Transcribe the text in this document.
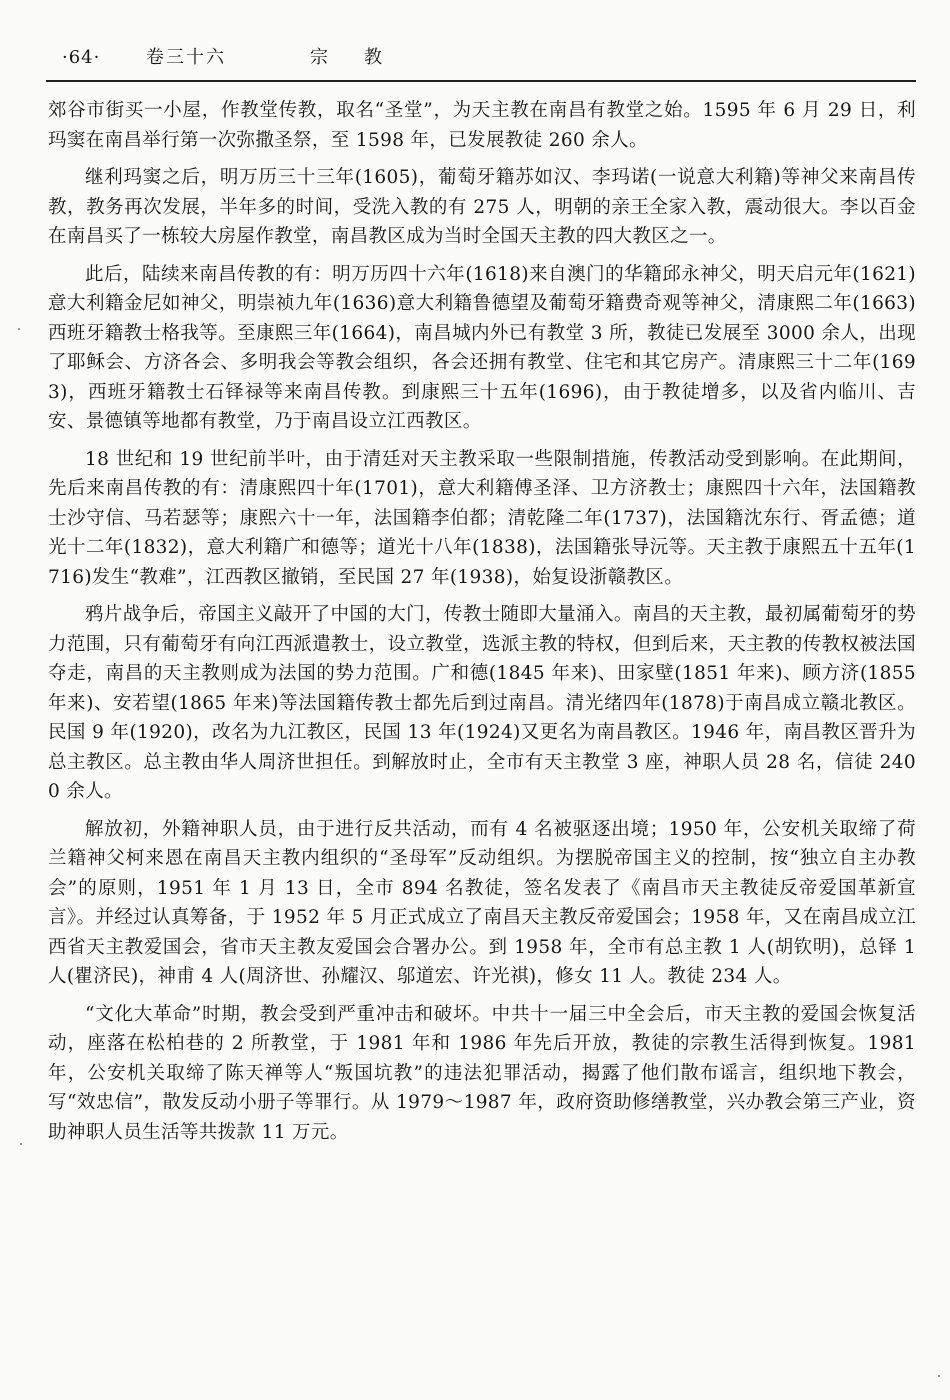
·64·	卷三十六	宗教

郊谷市街买一小屋，作教堂传教，取名“圣堂”，为天主教在南昌有教堂之始。1595 年 6 月 29 日，利玛窦在南昌举行第一次弥撒圣祭，至 1598 年，已发展教徒 260 余人。

继利玛窦之后，明万历三十三年(1605)，葡萄牙籍苏如汉、李玛诺(一说意大利籍)等神父来南昌传教，教务再次发展，半年多的时间，受洗入教的有 275 人，明朝的亲王全家入教，震动很大。李以百金在南昌买了一栋较大房屋作教堂，南昌教区成为当时全国天主教的四大教区之一。

此后，陆续来南昌传教的有：明万历四十六年(1618)来自澳门的华籍邱永神父，明天启元年(1621)意大利籍金尼如神父，明崇祯九年(1636)意大利籍鲁德望及葡萄牙籍费奇观等神父，清康熙二年(1663)西班牙籍教士格我等。至康熙三年(1664)，南昌城内外已有教堂 3 所，教徒已发展至 3000 余人，出现了耶稣会、方济各会、多明我会等教会组织，各会还拥有教堂、住宅和其它房产。清康熙三十二年(1693)，西班牙籍教士石铎禄等来南昌传教。到康熙三十五年(1696)，由于教徒增多，以及省内临川、吉安、景德镇等地都有教堂，乃于南昌设立江西教区。

18 世纪和 19 世纪前半叶，由于清廷对天主教采取一些限制措施，传教活动受到影响。在此期间，先后来南昌传教的有：清康熙四十年(1701)，意大利籍傅圣泽、卫方济教士；康熙四十六年，法国籍教士沙守信、马若瑟等；康熙六十一年，法国籍李伯都；清乾隆二年(1737)，法国籍沈东行、胥孟德；道光十二年(1832)，意大利籍广和德等；道光十八年(1838)，法国籍张导沅等。天主教于康熙五十五年(1716)发生“教难”，江西教区撤销，至民国 27 年(1938)，始复设浙赣教区。

鸦片战争后，帝国主义敲开了中国的大门，传教士随即大量涌入。南昌的天主教，最初属葡萄牙的势力范围，只有葡萄牙有向江西派遣教士，设立教堂，选派主教的特权，但到后来，天主教的传教权被法国夺走，南昌的天主教则成为法国的势力范围。广和德(1845 年来)、田家壁(1851 年来)、顾方济(1855 年来)、安若望(1865 年来)等法国籍传教士都先后到过南昌。清光绪四年(1878)于南昌成立赣北教区。民国 9 年(1920)，改名为九江教区，民国 13 年(1924)又更名为南昌教区。1946 年，南昌教区晋升为总主教区。总主教由华人周济世担任。到解放时止，全市有天主教堂 3 座，神职人员 28 名，信徒 2400 余人。

解放初，外籍神职人员，由于进行反共活动，而有 4 名被驱逐出境；1950 年，公安机关取缔了荷兰籍神父柯来恩在南昌天主教内组织的“圣母军”反动组织。为摆脱帝国主义的控制，按“独立自主办教会”的原则，1951 年 1 月 13 日，全市 894 名教徒，签名发表了《南昌市天主教徒反帝爱国革新宣言》。并经过认真筹备，于 1952 年 5 月正式成立了南昌天主教反帝爱国会；1958 年，又在南昌成立江西省天主教爱国会，省市天主教友爱国会合署办公。到 1958 年，全市有总主教 1 人(胡钦明)，总铎 1 人(瞿济民)，神甫 4 人(周济世、孙耀汉、邬道宏、许光祺)，修女 11 人。教徒 234 人。

“文化大革命”时期，教会受到严重冲击和破坏。中共十一届三中全会后，市天主教的爱国会恢复活动，座落在松柏巷的 2 所教堂，于 1981 年和 1986 年先后开放，教徒的宗教生活得到恢复。1981 年，公安机关取缔了陈天禅等人“叛国坑教”的违法犯罪活动，揭露了他们散布谣言，组织地下教会，写“效忠信”，散发反动小册子等罪行。从 1979～1987 年，政府资助修缮教堂，兴办教会第三产业，资助神职人员生活等共拨款 11 万元。
